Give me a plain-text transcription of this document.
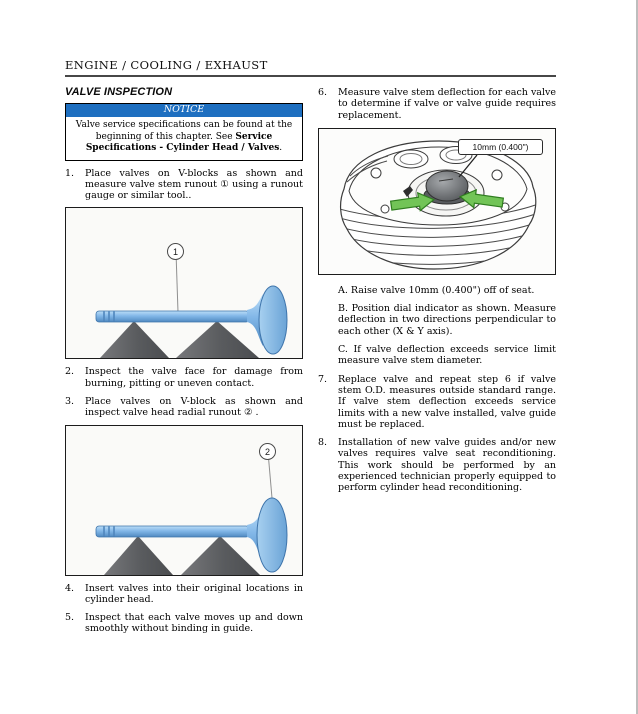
ENGINE / COOLING / EXHAUST
VALVE INSPECTION
NOTICE
Valve service specifications can be found at the beginning of this chapter. See Service Specifications - Cylinder Head / Valves.
1.	Place valves on V-blocks as shown and measure valve stem runout ① using a runout gauge or similar tool..
1
2.	Inspect the valve face for damage from burning, pitting or uneven contact.
3.	Place valves on V-block as shown and inspect valve head radial runout ② .
2
4.	Insert valves into their original locations in cylinder head.
5.	Inspect that each valve moves up and down smoothly without binding in guide.
6.	Measure valve stem deflection for each valve to determine if valve or valve guide requires replacement.
10mm (0.400")
A. Raise valve 10mm (0.400") off of seat.
B. Position dial indicator as shown. Measure deflection in two directions perpendicular to each other (X & Y axis).
C. If valve deflection exceeds service limit measure valve stem diameter.
7.	Replace valve and repeat step 6 if valve stem O.D. measures outside standard range. If valve stem deflection exceeds service limits with a new valve installed, valve guide must be replaced.
8.	Installation of new valve guides and/or new valves requires valve seat reconditioning. This work should be performed by an experienced technician properly equipped to perform cylinder head reconditioning.
